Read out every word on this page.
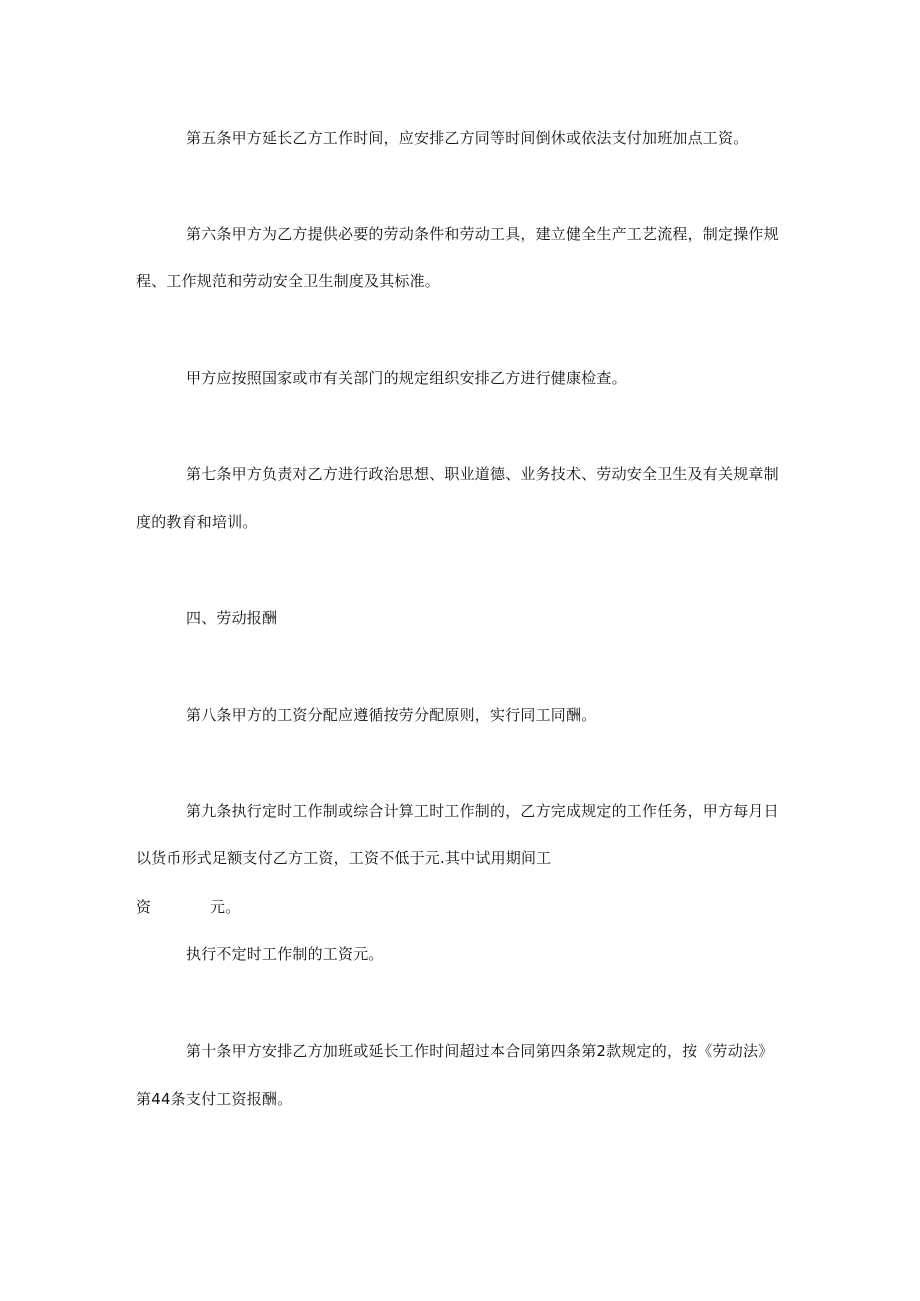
第五条甲方延长乙方工作时间，应安排乙方同等时间倒休或依法支付加班加点工资。
第六条甲方为乙方提供必要的劳动条件和劳动工具，建立健全生产工艺流程，制定操作规
程、工作规范和劳动安全卫生制度及其标准。
甲方应按照国家或市有关部门的规定组织安排乙方进行健康检查。
第七条甲方负责对乙方进行政治思想、职业道德、业务技术、劳动安全卫生及有关规章制
度的教育和培训。
四、劳动报酬
第八条甲方的工资分配应遵循按劳分配原则，实行同工同酬。
第九条执行定时工作制或综合计算工时工作制的，乙方完成规定的工作任务，甲方每月日
以货币形式足额支付乙方工资，工资不低于元.其中试用期间工
资	元。
执行不定时工作制的工资元。
第十条甲方安排乙方加班或延长工作时间超过本合同第四条第2款规定的，按《劳动法》
第44条支付工资报酬。
